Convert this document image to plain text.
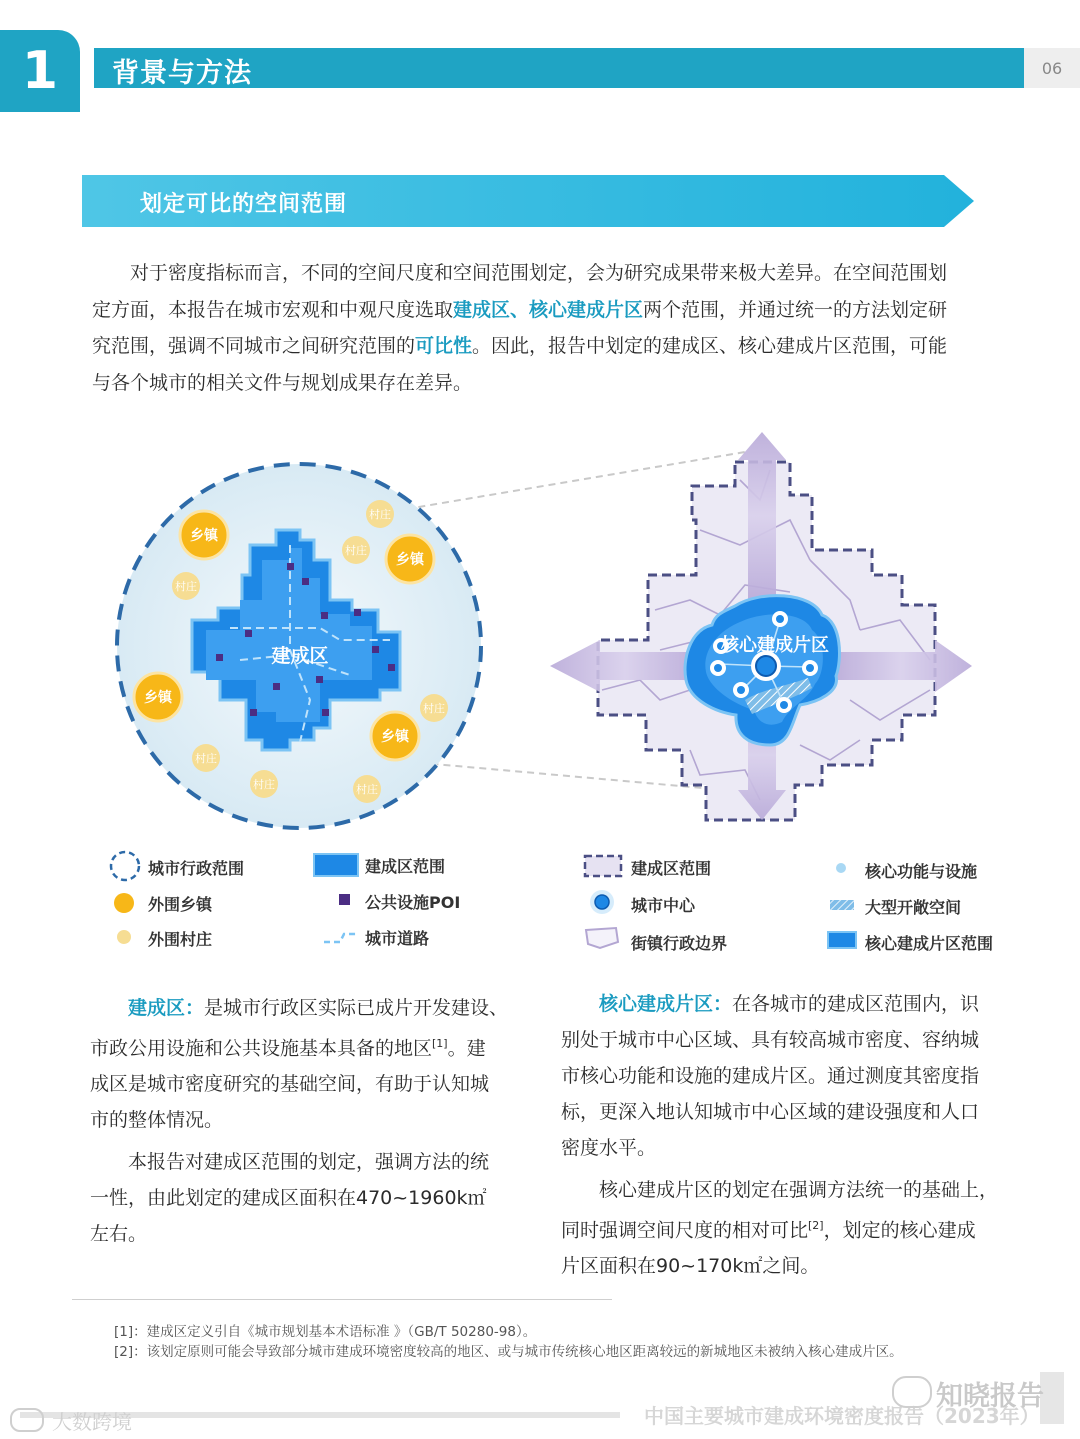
1 背景与方法	06
划定可比的空间范围
对于密度指标而言，不同的空间尺度和空间范围划定，会为研究成果带来极大差异。在空间范围划
定方面，本报告在城市宏观和中观尺度选取建成区、核心建成片区两个范围，并通过统一的方法划定研
究范围，强调不同城市之间研究范围的可比性。因此，报告中划定的建成区、核心建成片区范围，可能
与各个城市的相关文件与规划成果存在差异。
建成区
乡镇
乡镇
乡镇
乡镇
村庄
村庄
村庄
村庄
村庄
村庄	村庄
核心建成片区
城市行政范围
外围乡镇
外围村庄
建成区范围
公共设施POI
城市道路
建成区范围
城市中心
街镇行政边界
核心功能与设施
大型开敞空间
核心建成片区范围
建成区：是城市行政区实际已成片开发建设、
市政公用设施和公共设施基本具备的地区[1]。建
成区是城市密度研究的基础空间，有助于认知城
市的整体情况。
本报告对建成区范围的划定，强调方法的统
一性，由此划定的建成区面积在470~1960k㎡
左右。
核心建成片区：在各城市的建成区范围内，识
别处于城市中心区域、具有较高城市密度、容纳城
市核心功能和设施的建成片区。通过测度其密度指
标，更深入地认知城市中心区域的建设强度和人口
密度水平。
核心建成片区的划定在强调方法统一的基础上，
同时强调空间尺度的相对可比[2]，划定的核心建成
片区面积在90~170k㎡之间。
[1]：建成区定义引自《城市规划基本术语标准 》（GB/T 50280-98）。
[2]：该划定原则可能会导致部分城市建成环境密度较高的地区、或与城市传统核心地区距离较远的新城地区未被纳入核心建成片区。
中国主要城市建成环境密度报告（2023年）
知晓报告
大数跨境
